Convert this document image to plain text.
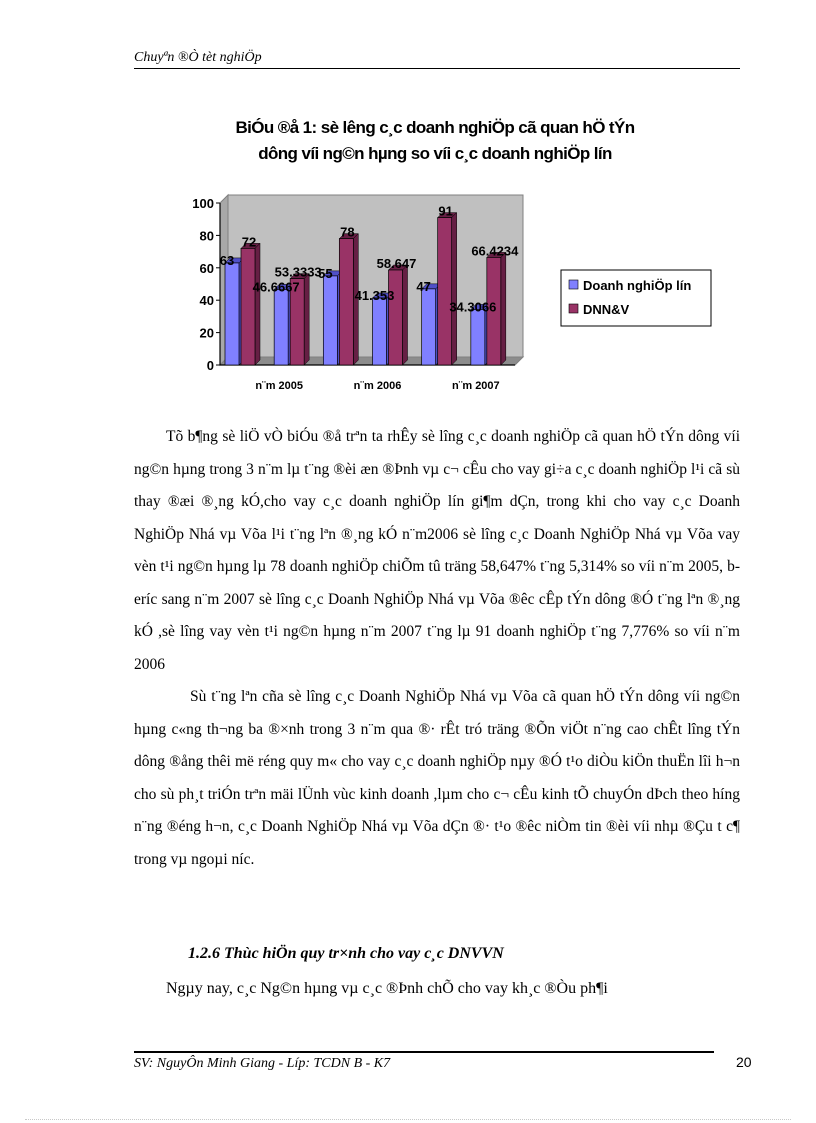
Chuyªn ®Ò tèt nghiÖp
BiÓu ®å 1: sè lêng c¸c doanh nghiÖp cã quan hÖ tÝn
dông víi ng©n hµng so víi c¸c doanh nghiÖp lín
0
20
40
60
80
100
63
72
46.6667
53.3333
55
78
41.353
58.647
47
91
34.3066
66.4234
n¨m 2005	n¨m 2006	n¨m 2007
Doanh nghiÖp lín
DNN&V

Tõ b¶ng sè liÖ vÒ biÓu ®å trªn ta rhÊy sè lîng c¸c doanh nghiÖp cã quan hÖ tÝn dông víi ng©n hµng trong 3 n¨m lµ t¨ng ®èi æn ®Þnh vµ c¬ cÊu cho vay gi÷a c¸c doanh nghiÖp l¹i cã sù thay ®æi ®¸ng kÓ,cho vay c¸c doanh nghiÖp lín gi¶m dÇn, trong khi cho vay c¸c Doanh NghiÖp Nhá vµ Võa l¹i t¨ng lªn ®¸ng kÓ n¨m2006 sè lîng c¸c Doanh NghiÖp Nhá vµ Võa vay vèn t¹i ng©n hµng lµ 78 doanh nghiÖp chiÕm tû träng 58,647% t¨ng 5,314% so víi n¨m 2005, beríc sang n¨m 2007 sè lîng c¸c Doanh NghiÖp Nhá vµ Võa ®êc cÊp tÝn dông ®Ó t¨ng lªn ®¸ng kÓ ,sè lîng vay vèn t¹i ng©n hµng n¨m 2007 t¨ng lµ 91 doanh nghiÖp t¨ng 7,776% so víi n¨m 2006

Sù t¨ng lªn cña sè lîng c¸c Doanh NghiÖp Nhá vµ Võa cã quan hÖ tÝn dông víi ng©n hµng c«ng th¬ng ba ®×nh trong 3 n¨m qua ®· rÊt tró träng ®Õn viÖt n¨ng cao chÊt lîng tÝn dông ®ång thêi më réng quy m« cho vay c¸c doanh nghiÖp nµy ®Ó t¹o diÒu kiÖn thuËn lîi h¬n cho sù ph¸t triÓn trªn mäi lÜnh vùc kinh doanh ,lµm cho c¬ cÊu kinh tÕ chuyÓn dÞch theo híng n¨ng ®éng h¬n, c¸c Doanh NghiÖp Nhá vµ Võa dÇn ®· t¹o ®êc niÒm tin ®èi víi nhµ ®Çu t c¶ trong vµ ngoµi níc.

1.2.6 Thùc hiÖn quy tr×nh cho vay c¸c DNVVN
Ngµy nay, c¸c Ng©n hµng vµ c¸c ®Þnh chÕ cho vay kh¸c ®Òu ph¶i
SV: NguyÔn Minh Giang - Líp: TCDN B - K7	20
